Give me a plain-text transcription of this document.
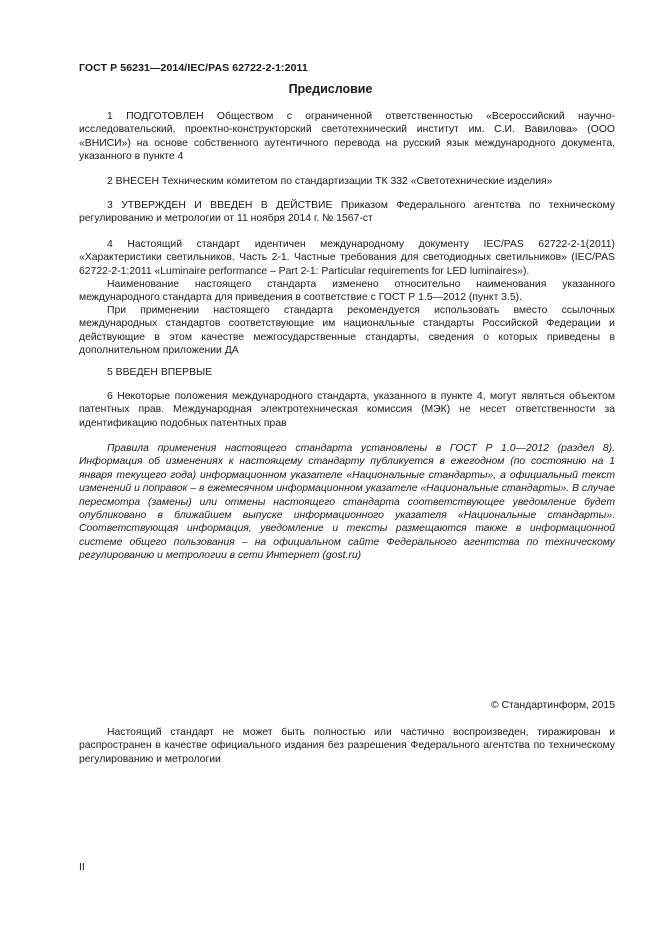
ГОСТ Р 56231—2014/IEC/PAS 62722-2-1:2011
Предисловие

1 ПОДГОТОВЛЕН Обществом с ограниченной ответственностью «Всероссийский научно-исследовательский, проектно-конструкторский светотехнический институт им. С.И. Вавилова» (ООО «ВНИСИ») на основе собственного аутентичного перевода на русский язык международного документа, указанного в пункте 4

2 ВНЕСЕН Техническим комитетом по стандартизации ТК 332 «Светотехнические изделия»

3 УТВЕРЖДЕН И ВВЕДЕН В ДЕЙСТВИЕ Приказом Федерального агентства по техническому регулированию и метрологии от 11 ноября 2014 г. № 1567-ст

4 Настоящий стандарт идентичен международному документу IEC/PAS 62722-2-1(2011) «Характеристики светильников. Часть 2-1. Частные требования для светодиодных светильников» (IEC/PAS 62722-2-1:2011 «Luminaire performance – Part 2-1: Particular requirements for LED luminaires»).

Наименование настоящего стандарта изменено относительно наименования указанного международного стандарта для приведения в соответствие с ГОСТ Р 1.5—2012 (пункт 3.5).

При применении настоящего стандарта рекомендуется использовать вместо ссылочных международных стандартов соответствующие им национальные стандарты Российской Федерации и действующие в этом качестве межгосударственные стандарты, сведения о которых приведены в дополнительном приложении ДА

5 ВВЕДЕН ВПЕРВЫЕ

6 Некоторые положения международного стандарта, указанного в пункте 4, могут являться объектом патентных прав. Международная электротехническая комиссия (МЭК) не несет ответственности за идентификацию подобных патентных прав

Правила применения настоящего стандарта установлены в ГОСТ Р 1.0—2012 (раздел 8). Информация об изменениях к настоящему стандарту публикуется в ежегодном (по состоянию на 1 января текущего года) информационном указателе «Национальные стандарты», а официальный текст изменений и поправок – в ежемесячном информационном указателе «Национальные стандарты». В случае пересмотра (замены) или отмены настоящего стандарта соответствующее уведомление будет опубликовано в ближайшем выпуске информационного указателя «Национальные стандарты». Соответствующая информация, уведомление и тексты размещаются также в информационной системе общего пользования – на официальном сайте Федерального агентства по техническому регулированию и метрологии в сети Интернет (gost.ru)

© Стандартинформ, 2015

Настоящий стандарт не может быть полностью или частично воспроизведен, тиражирован и распространен в качестве официального издания без разрешения Федерального агентства по техническому регулированию и метрологии

II
